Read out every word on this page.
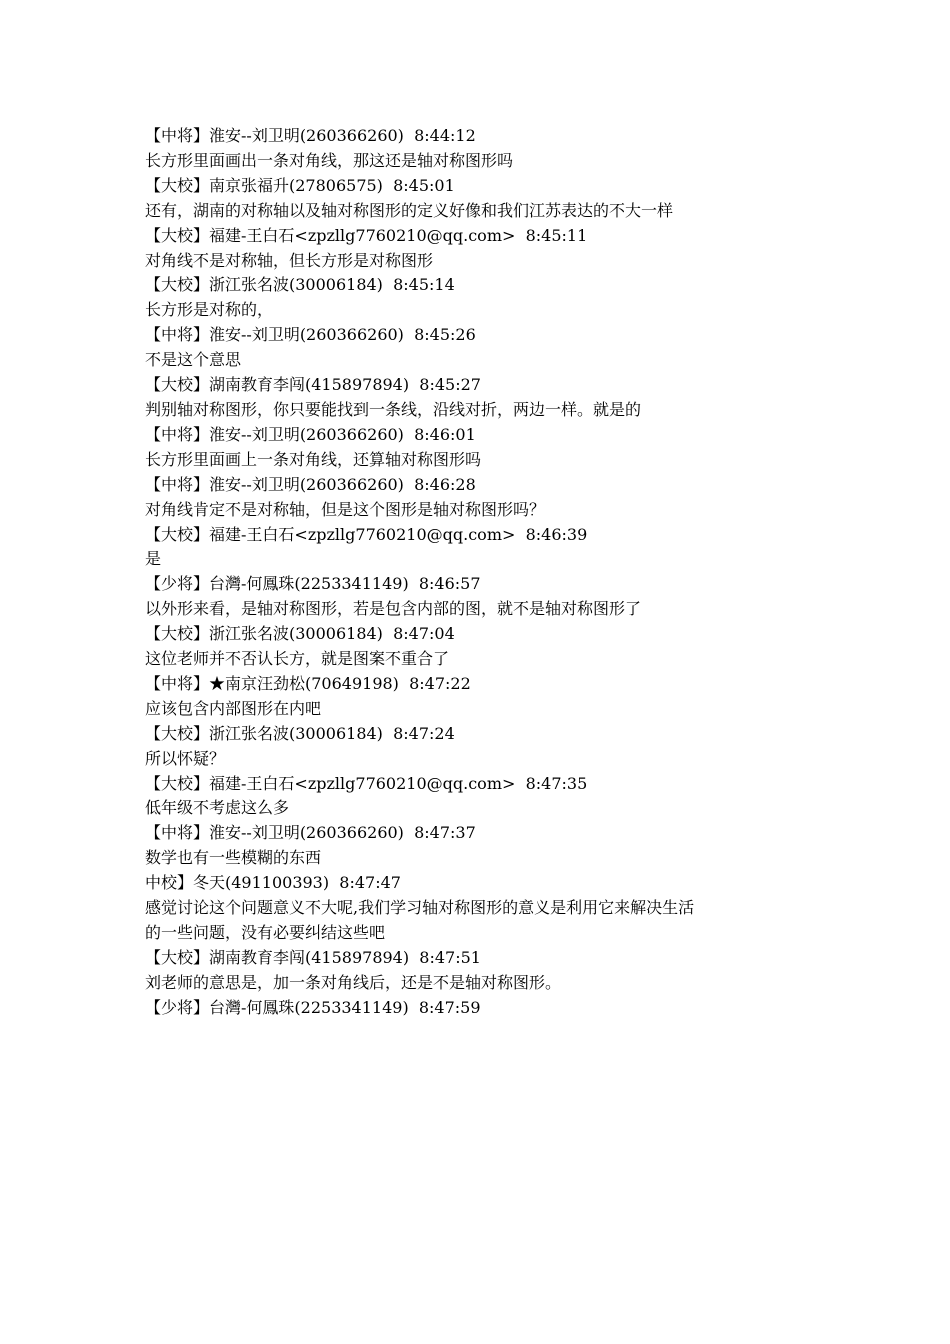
【中将】淮安--刘卫明(260366260)  8:44:12

长方形里面画出一条对角线，那这还是轴对称图形吗

【大校】南京张福升(27806575)  8:45:01

还有，湖南的对称轴以及轴对称图形的定义好像和我们江苏表达的不大一样

【大校】福建-王白石<zpzllg7760210@qq.com>  8:45:11

对角线不是对称轴，但长方形是对称图形

【大校】浙江张名波(30006184)  8:45:14

长方形是对称的，

【中将】淮安--刘卫明(260366260)  8:45:26

不是这个意思

【大校】湖南教育李闯(415897894)  8:45:27

判别轴对称图形，你只要能找到一条线，沿线对折，两边一样。就是的

【中将】淮安--刘卫明(260366260)  8:46:01

长方形里面画上一条对角线，还算轴对称图形吗

【中将】淮安--刘卫明(260366260)  8:46:28

对角线肯定不是对称轴，但是这个图形是轴对称图形吗？

【大校】福建-王白石<zpzllg7760210@qq.com>  8:46:39

是

【少将】台灣-何鳳珠(2253341149)  8:46:57

以外形来看，是轴对称图形，若是包含内部的图，就不是轴对称图形了

【大校】浙江张名波(30006184)  8:47:04

这位老师并不否认长方，就是图案不重合了

【中将】★南京汪劲松(70649198)  8:47:22

应该包含内部图形在内吧

【大校】浙江张名波(30006184)  8:47:24

所以怀疑？

【大校】福建-王白石<zpzllg7760210@qq.com>  8:47:35

低年级不考虑这么多

【中将】淮安--刘卫明(260366260)  8:47:37

数学也有一些模糊的东西

中校】冬天(491100393)  8:47:47

感觉讨论这个问题意义不大呢,我们学习轴对称图形的意义是利用它来解决生活

的一些问题，没有必要纠结这些吧

【大校】湖南教育李闯(415897894)  8:47:51

刘老师的意思是，加一条对角线后，还是不是轴对称图形。

【少将】台灣-何鳳珠(2253341149)  8:47:59
